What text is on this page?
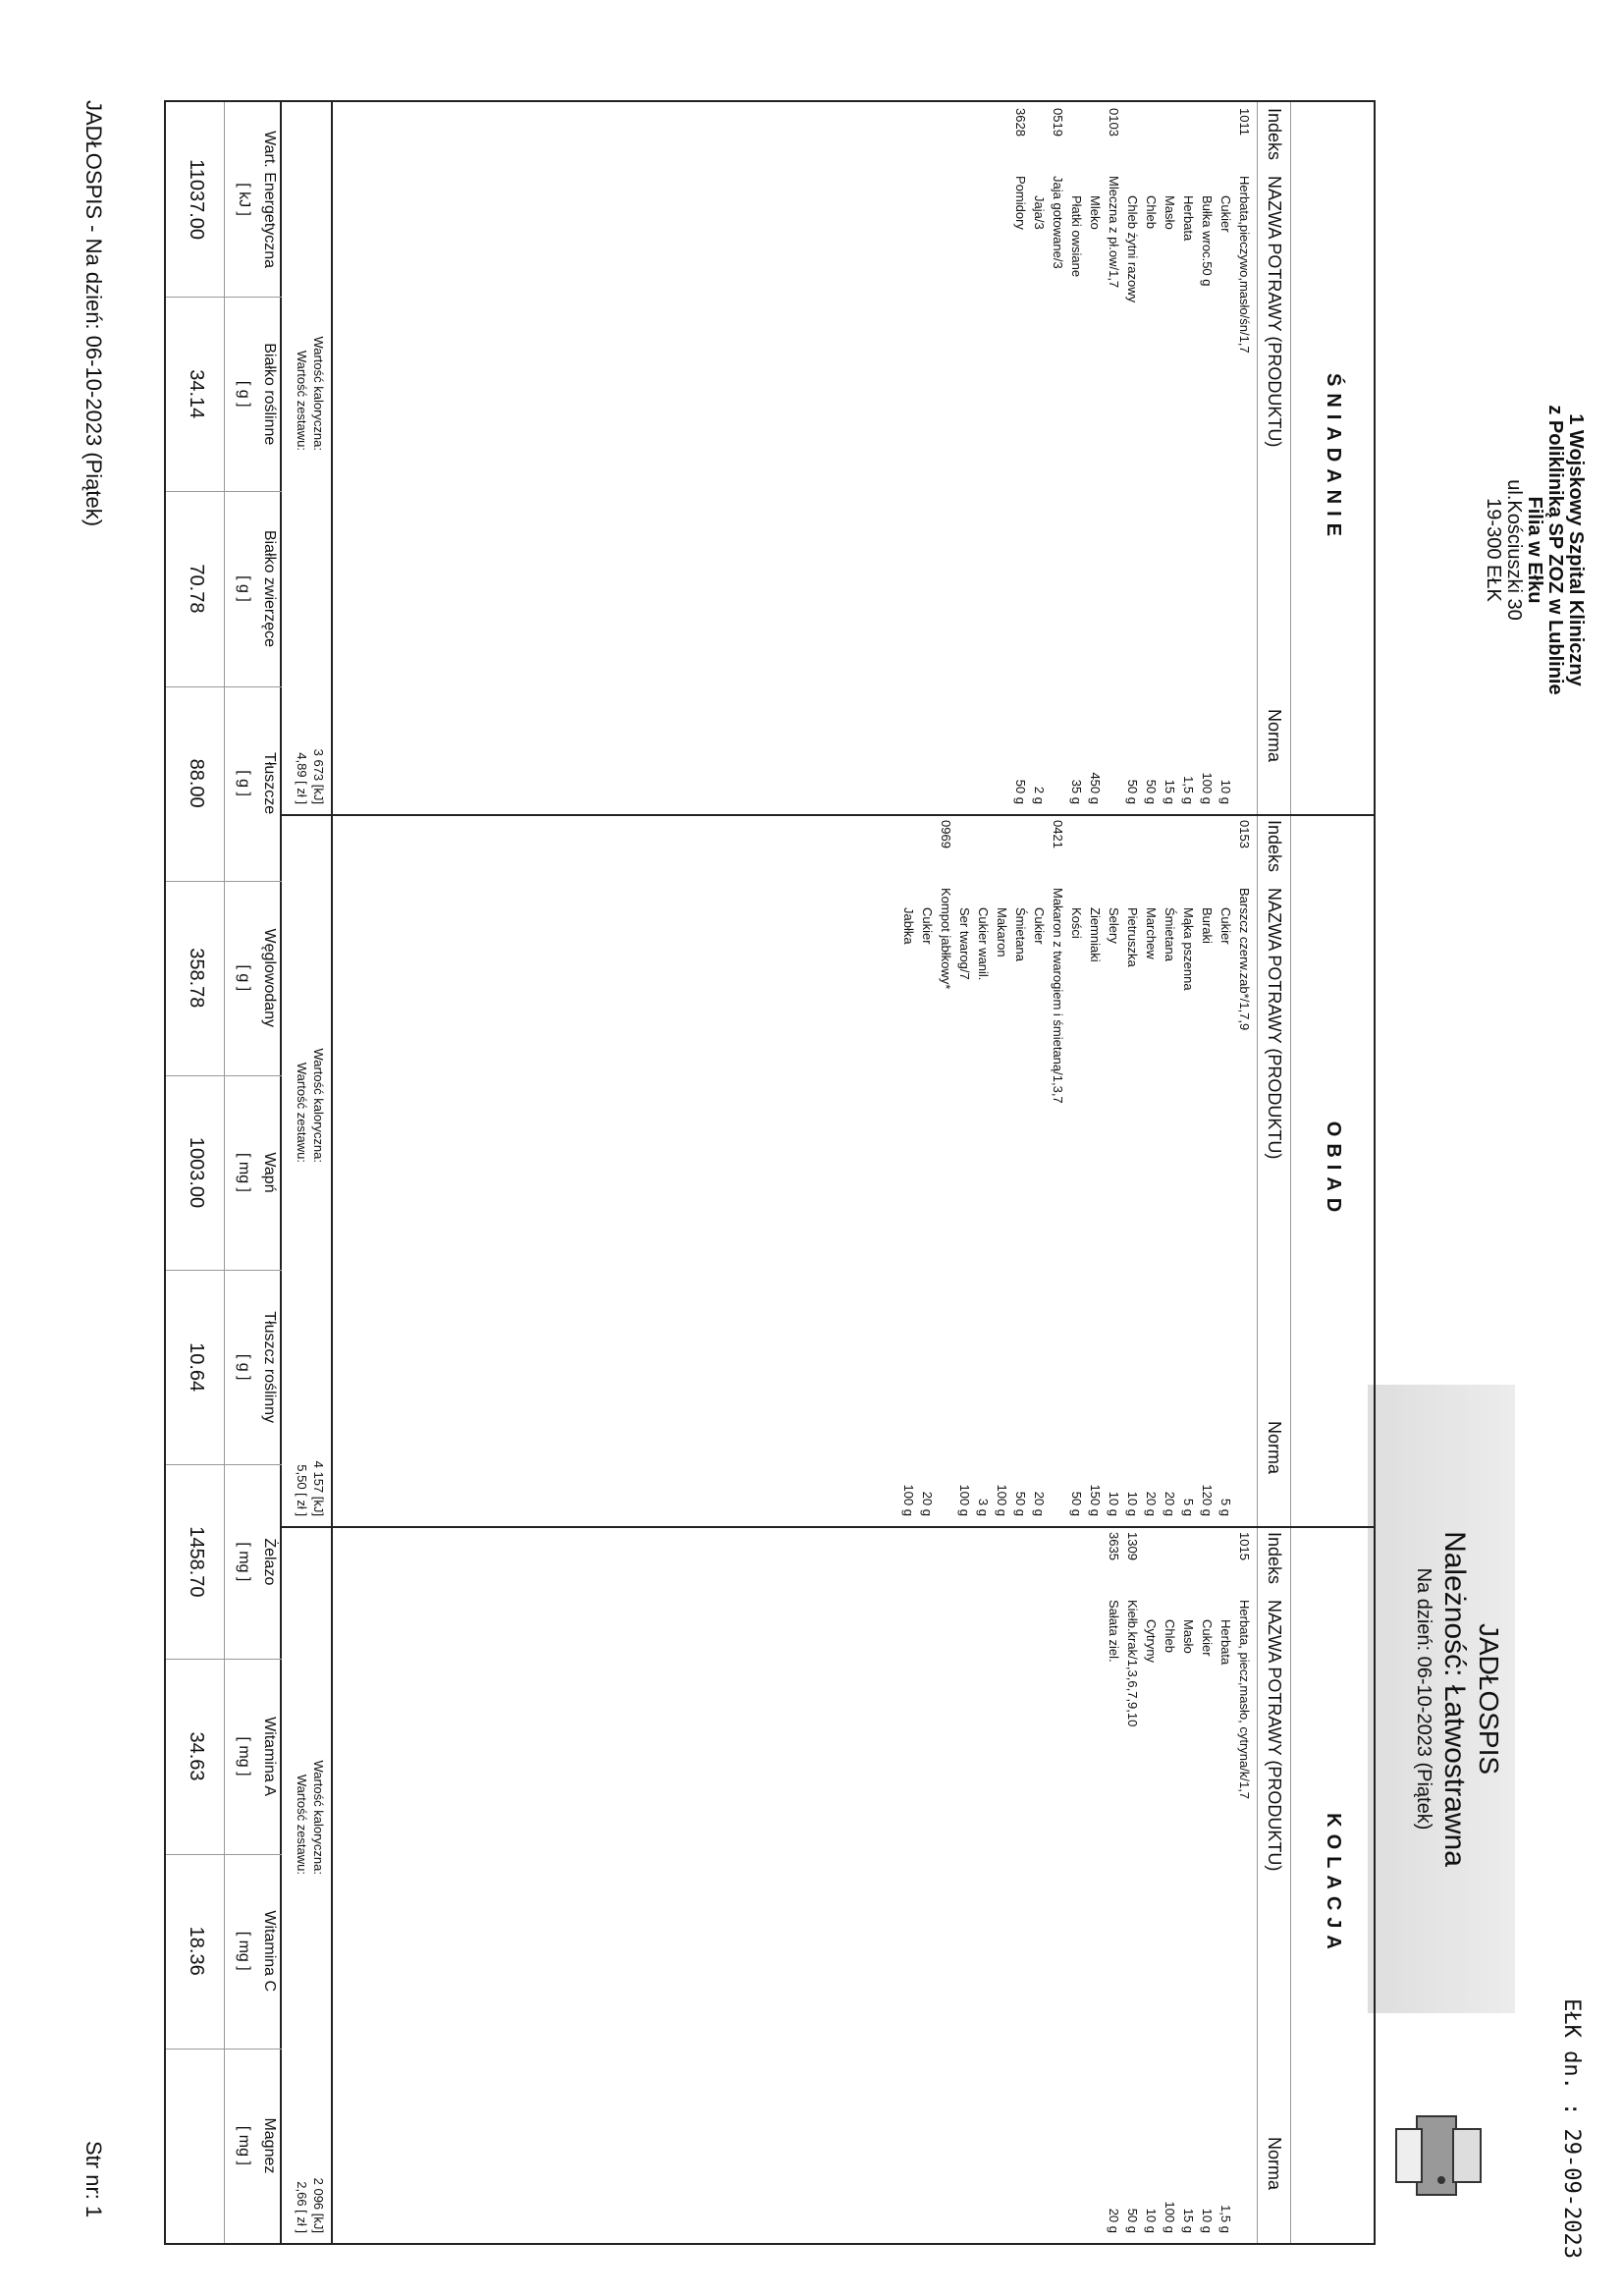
1 Wojskowy Szpital Kliniczny
z Polikliniką SP ZOZ w Lublinie
Filia w Ełku
ul.Kościuszki 30
19-300 EŁK
JADŁOSPIS
Należność: Łatwostrawna
Na dzień: 06-10-2023 (Piątek)
EŁK dn. : 29-09-2023
ŚNIADANIE
OBIAD
KOLACJA
Indeks
NAZWA POTRAWY (PRODUKTU)
Norma
Indeks
NAZWA POTRAWY (PRODUKTU)
Norma
Indeks
NAZWA POTRAWY (PRODUKTU)
Norma
1011
Herbata,pieczywo,masło/śn/1,7
Cukier
10 g
Bułka wroc.50 g
100 g
Herbata
1,5 g
Masło
15 g
Chleb
50 g
Chleb żytni razowy
50 g
0103
Mleczna z pł.ow/1,7
Mleko
450 g
Płatki owsiane
35 g
0519
Jaja gotowane/3
Jaja/3
2 g
3628
Pomidory
50 g
Wartość kaloryczna:
Wartość zestawu:
3 673 [kJ]
4,89 [ zł ]
0153
Barszcz czerw.zab*/1,7,9
Cukier
5 g
Buraki
120 g
Mąka pszenna
5 g
Śmietana
20 g
Marchew
20 g
Pietruszka
10 g
Selery
10 g
Ziemniaki
150 g
Kości
50 g
0421
Makaron z twarogiem i śmietaną/1,3,7
Cukier
20 g
Śmietana
50 g
Makaron
100 g
Cukier wanil.
3 g
Ser twarog/7
100 g
0969
Kompot jabłkowy*
Cukier
20 g
Jabłka
100 g
Wartość kaloryczna:
Wartość zestawu:
4 157 [kJ]
5,50 [ zł ]
1015
Herbata, piecz,masło, cytryna/k/1,7
Herbata
1,5 g
Cukier
10 g
Masło
15 g
Chleb
100 g
Cytryny
10 g
1309
Kiełb.krak/1,3,6,7,9,10
50 g
3635
Sałata ziel.
20 g
Wartość kaloryczna:
Wartość zestawu:
2 096 [kJ]
2,66 [ zł ]
Wart. Energetyczna
[ kJ ]
11037.00
Białko roślinne
[ g ]
34.14
Białko zwierzęce
[ g ]
70.78
Tłuszcze
[ g ]
88.00
Węglowodany
[ g ]
358.78
Wapń
[ mg ]
1003.00
Tłuszcz roślinny
[ g ]
10.64
Żelazo
[ mg ]
1458.70
Witamina A
[ mg ]
34.63
Witamina C
[ mg ]
18.36
Magnez
[ mg ]
JADŁOSPIS - Na dzień: 06-10-2023 (Piątek)
Str nr: 1
